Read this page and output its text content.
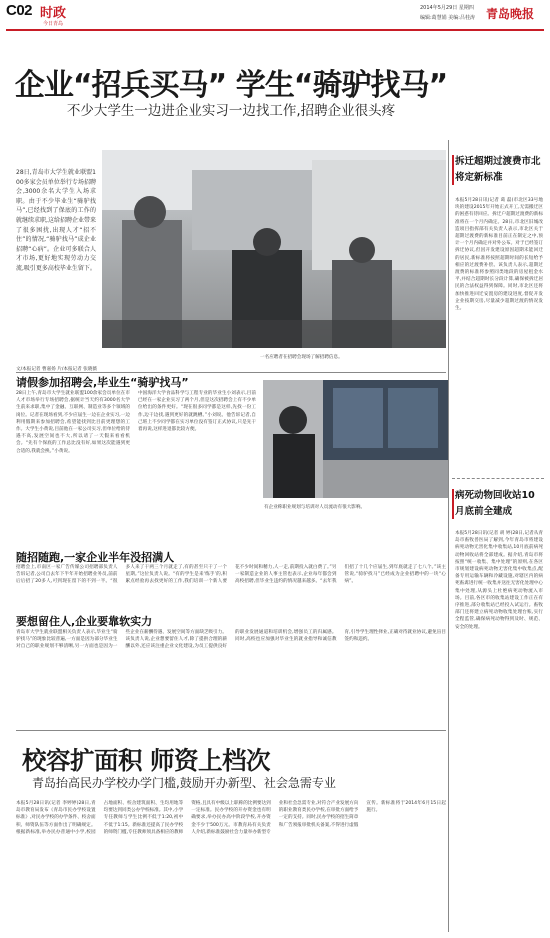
C02 时政
今日青岛
2014年5月29日 星期四
编辑:葛慧娟 美编:吕桂涛 青岛晚报
企业“招兵买马” 学生“骑驴找马”
不少大学生一边进企业实习一边找工作,招聘企业很头疼

28日,青岛市大学生就业联盟100多家会员单位举行专场招聘会,3000余名大学生入场求职。由于不少毕业生“骑驴找马”,已经找到了保底的工作的就继续求职,这给招聘企业带来了很多困扰,出现人才“招不住”的情况,“骑驴找马”成企业招聘“心病”。企业可多联合人才市场,更好地实现劳动力交流,吸引更多高校毕业生留下。

一名应聘者在招聘会现场了解招聘信息。
文/本报记者 曹嘉扬 片/本报记者 张晓薇
请假参加招聘会,毕业生“骑驴找马”

28日上午,青岛市大学生就业联盟100余家会员单位在市人才市场举行专场招聘会,据统计当天约有3000名大学生前来求职,集中了金融、互联网、制造业等多个领域的岗位。记者在现场看到,不少应届生一边在企业实习,一边利用假期来参加招聘会,希望能找到比目前更理想的工作。大学生小黄说,目前他在一家公司实习,但单位给的待遇不高,发展空间也不大,所以请了一天假来看看机会。“先有个保底的工作总比没有好,如果这次能遇到更合适的,我就会换。”小黄说。

中国海洋大学食品科学与工程专业的毕业生小刘表示,目前已经在一家企业实习了两个月,但是这次招聘会上有不少单位给出的条件更好。“现在很多同学都是这样,先找一份工作,边干边找,遇到更好的就跳槽。”小刘说。他告诉记者,自己班上不少同学都在实习单位没有签订正式协议,只是先干着再说,这样进退都比较方便。

有企业称职业规划与培训对人员流动有很大影响。
随招随跑,一家企业半年没招满人

招聘会上,市南区一家广告传媒公司招聘部负责人告诉记者,公司自去年下半年开始招聘业务员,前前后后招了20多人,可到现在留下的不到一半。“很多人来了干两三个月就走了,有的甚至只干了一个星期。”这位负责人说。“有的学生是来‘练手’的,积累点经验再去找更好的工作,我们培训一个新人要花不少时间和精力,人一走,前期投入就白费了。”另一家制造企业的人事主管也表示,企业每年都会到高校招聘,但毕业生违约的情况越来越多。“去年我们招了十几个应届生,到年底就走了七八个。”该主管说,“骑驴找马”已经成为企业招聘中的一块“心病”。

要想留住人,企业要靠软实力

青岛市大学生就业联盟相关负责人表示,毕业生“骑驴找马”的现象比较普遍,一方面是因为部分毕业生对自己的职业规划不够清晰,另一方面也是因为一些企业在薪酬待遇、发展空间等方面缺乏吸引力。该负责人说,企业想要留住人才,除了提供合理的薪酬以外,还应该注重企业文化建设,为员工提供良好的职业发展通道和培训机会,增强员工的归属感。同时,高校也应加强对毕业生的就业指导和诚信教育,引导学生理性择业,正确对待就业协议,避免盲目签约和违约。

校容扩面积 师资上档次
青岛抬高民办学校办学门槛,鼓励开办新型、社会急需专业

本报5月28日讯(记者 李婷婷)28日,青岛市教育局发布《青岛市民办学校设置标准》,对民办学校的办学条件、校舍面积、师资队伍等方面作出了明确规定。根据新标准,举办民办普通中小学,校园占地面积、校舍建筑面积、生均用地等均要达到同类公办学校标准。其中,小学专任教师与学生比例不低于1:20,初中不低于1:15。新标准还提高了民办学校的师资门槛,专任教师须具备相应的教师资格,且具有中级以上职称的比例要达到一定标准。民办学校的开办资金也有明确要求,举办民办高中阶段学校,开办资金不少于500万元。市教育局有关负责人介绍,新标准鼓励社会力量举办新型专业和社会急需专业,对符合产业发展方向的职业教育类民办学校,在审批方面给予一定的支持。同时,民办学校的招生简章和广告须报审批机关备案,不得进行虚假宣传。新标准将于2014年6月15日起施行。

拆迁超期过渡费市北将定新标准

本报5月28日讯(记者 葛 磊)市北区33号地块的建设2015年开始正式开工,无需搬迁区的困惑有待回应。拆迁户超期过渡费的新标准将在一个月内确定。28日,市北区旧城改造项目指挥部有关负责人表示,市北区关于超期过渡费的新标准目前正在制定之中,预计一个月内确定并对外公布。对于已经签订拆迁协议,但因开发建设原因超期未能回迁的居民,新标准将按照超期时间的长短给予相应的过渡费补偿。该负责人表示,超期过渡费的标准将参照同类地段的房屋租金水平,并结合超期时长分段计算,确保被拆迁居民的合法权益得到保障。同时,市北区还将加快推进回迁安置房的建设进度,督促开发企业按期交房,尽量减少超期过渡的情况发生。

病死动物回收站10月底前全建成

本报5月28日讯(记者 胡 婷)28日,记者从青岛市畜牧兽医局了解到,今年青岛市将建设病死动物无害化集中收集站,10月底前病死动物回收站将全部建成。据介绍,青岛市将按照“统一收集、集中处理”的原则,在各区市规划建设病死动物无害化集中收集点,配备专用运输车辆和冷藏设施,对辖区内的病死畜禽进行统一收集并送往无害化处理中心集中处理,从源头上杜绝病死动物流入市场。目前,各区市的收集站建设工作正在有序推进,部分收集站已经投入试运行。畜牧部门还将建立病死动物收集处理台账,实行全程监管,确保病死动物得到及时、规范、安全的处理。
